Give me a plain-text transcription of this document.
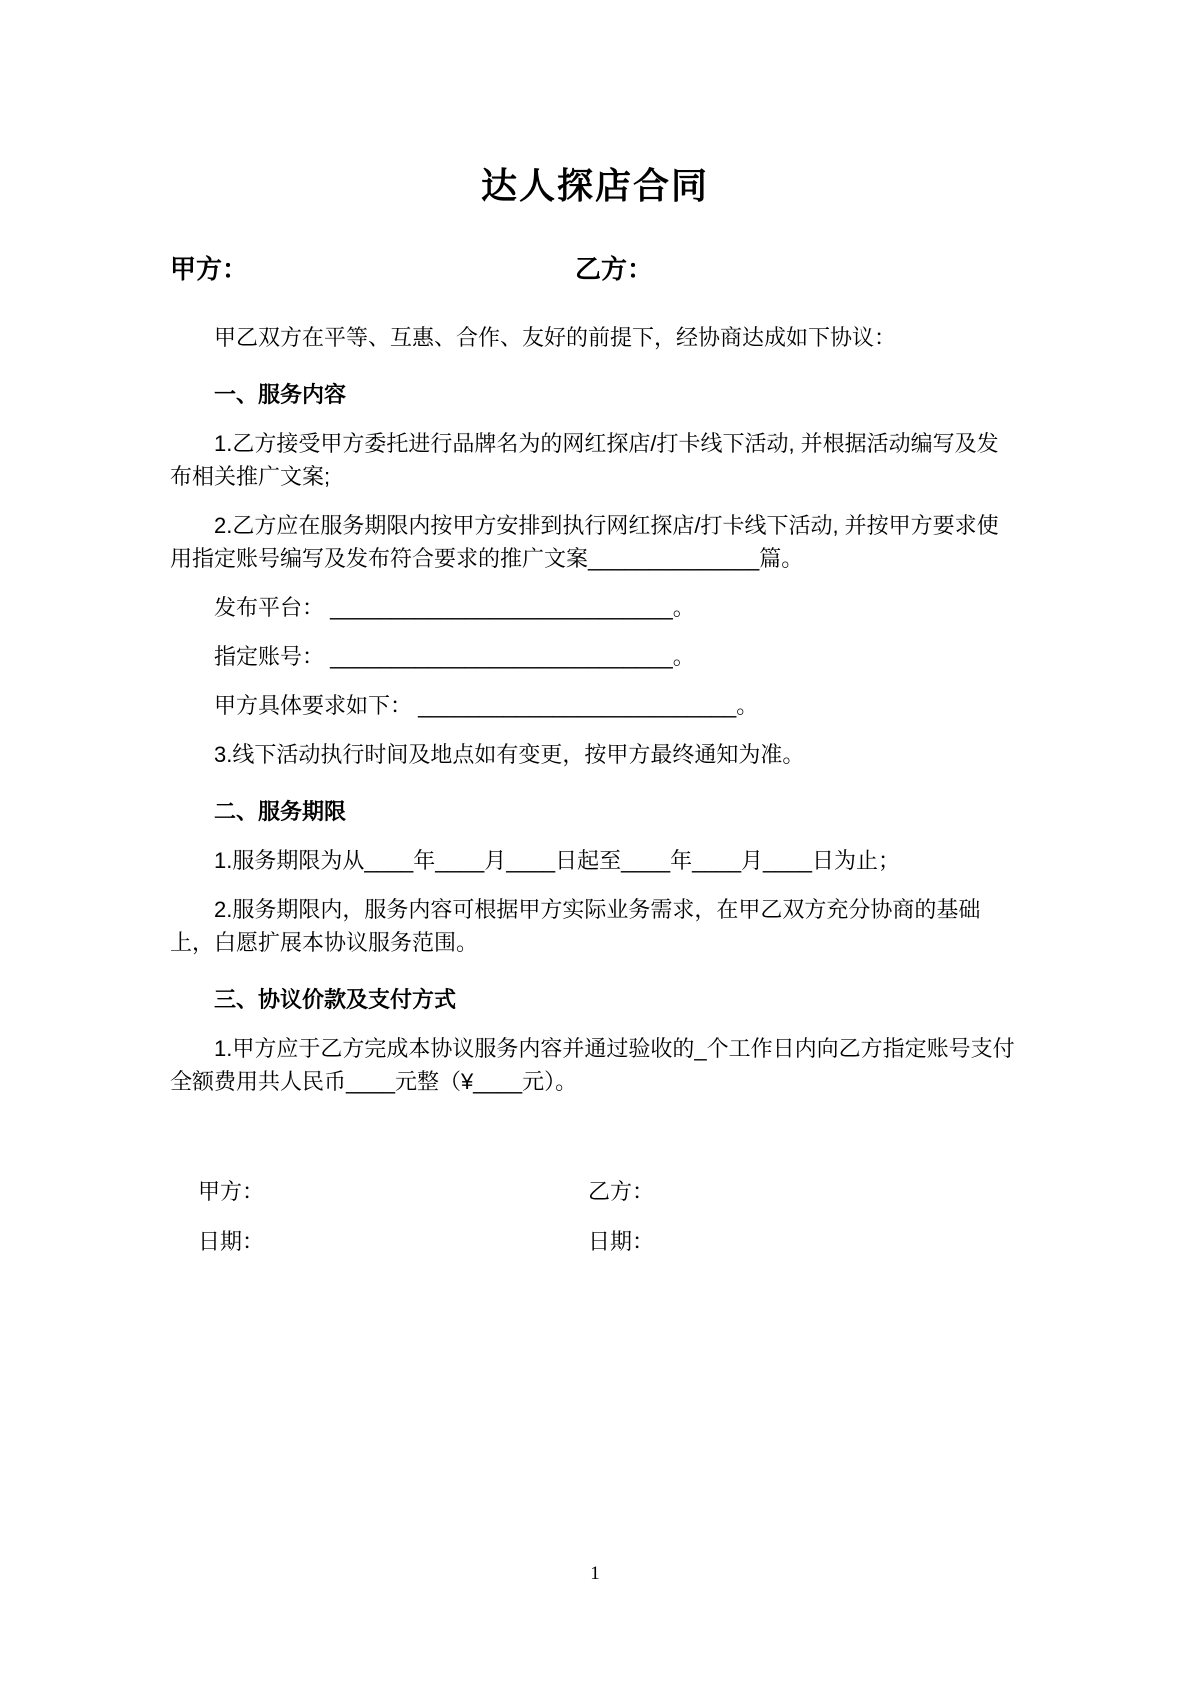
达人探店合同
甲方：	乙方：

甲乙双方在平等、互惠、合作、友好的前提下，经协商达成如下协议：

一、服务内容

1.乙方接受甲方委托进行品牌名为的网红探店/打卡线下活动, 并根据活动编写及发布相关推广文案;

2.乙方应在服务期限内按甲方安排到执行网红探店/打卡线下活动, 并按甲方要求使用指定账号编写及发布符合要求的推广文案______________篇。

发布平台： ____________________________。

指定账号： ____________________________。

甲方具体要求如下： __________________________。

3.线下活动执行时间及地点如有变更，按甲方最终通知为准。

二、服务期限

1.服务期限为从____年____月____日起至____年____月____日为止；

2.服务期限内，服务内容可根据甲方实际业务需求，在甲乙双方充分协商的基础上，白愿扩展本协议服务范围。

三、协议价款及支付方式

1.甲方应于乙方完成本协议服务内容并通过验收的_个工作日内向乙方指定账号支付全额费用共人民币____元整（¥____元）。

甲方：	乙方：
日期：	日期：
1
